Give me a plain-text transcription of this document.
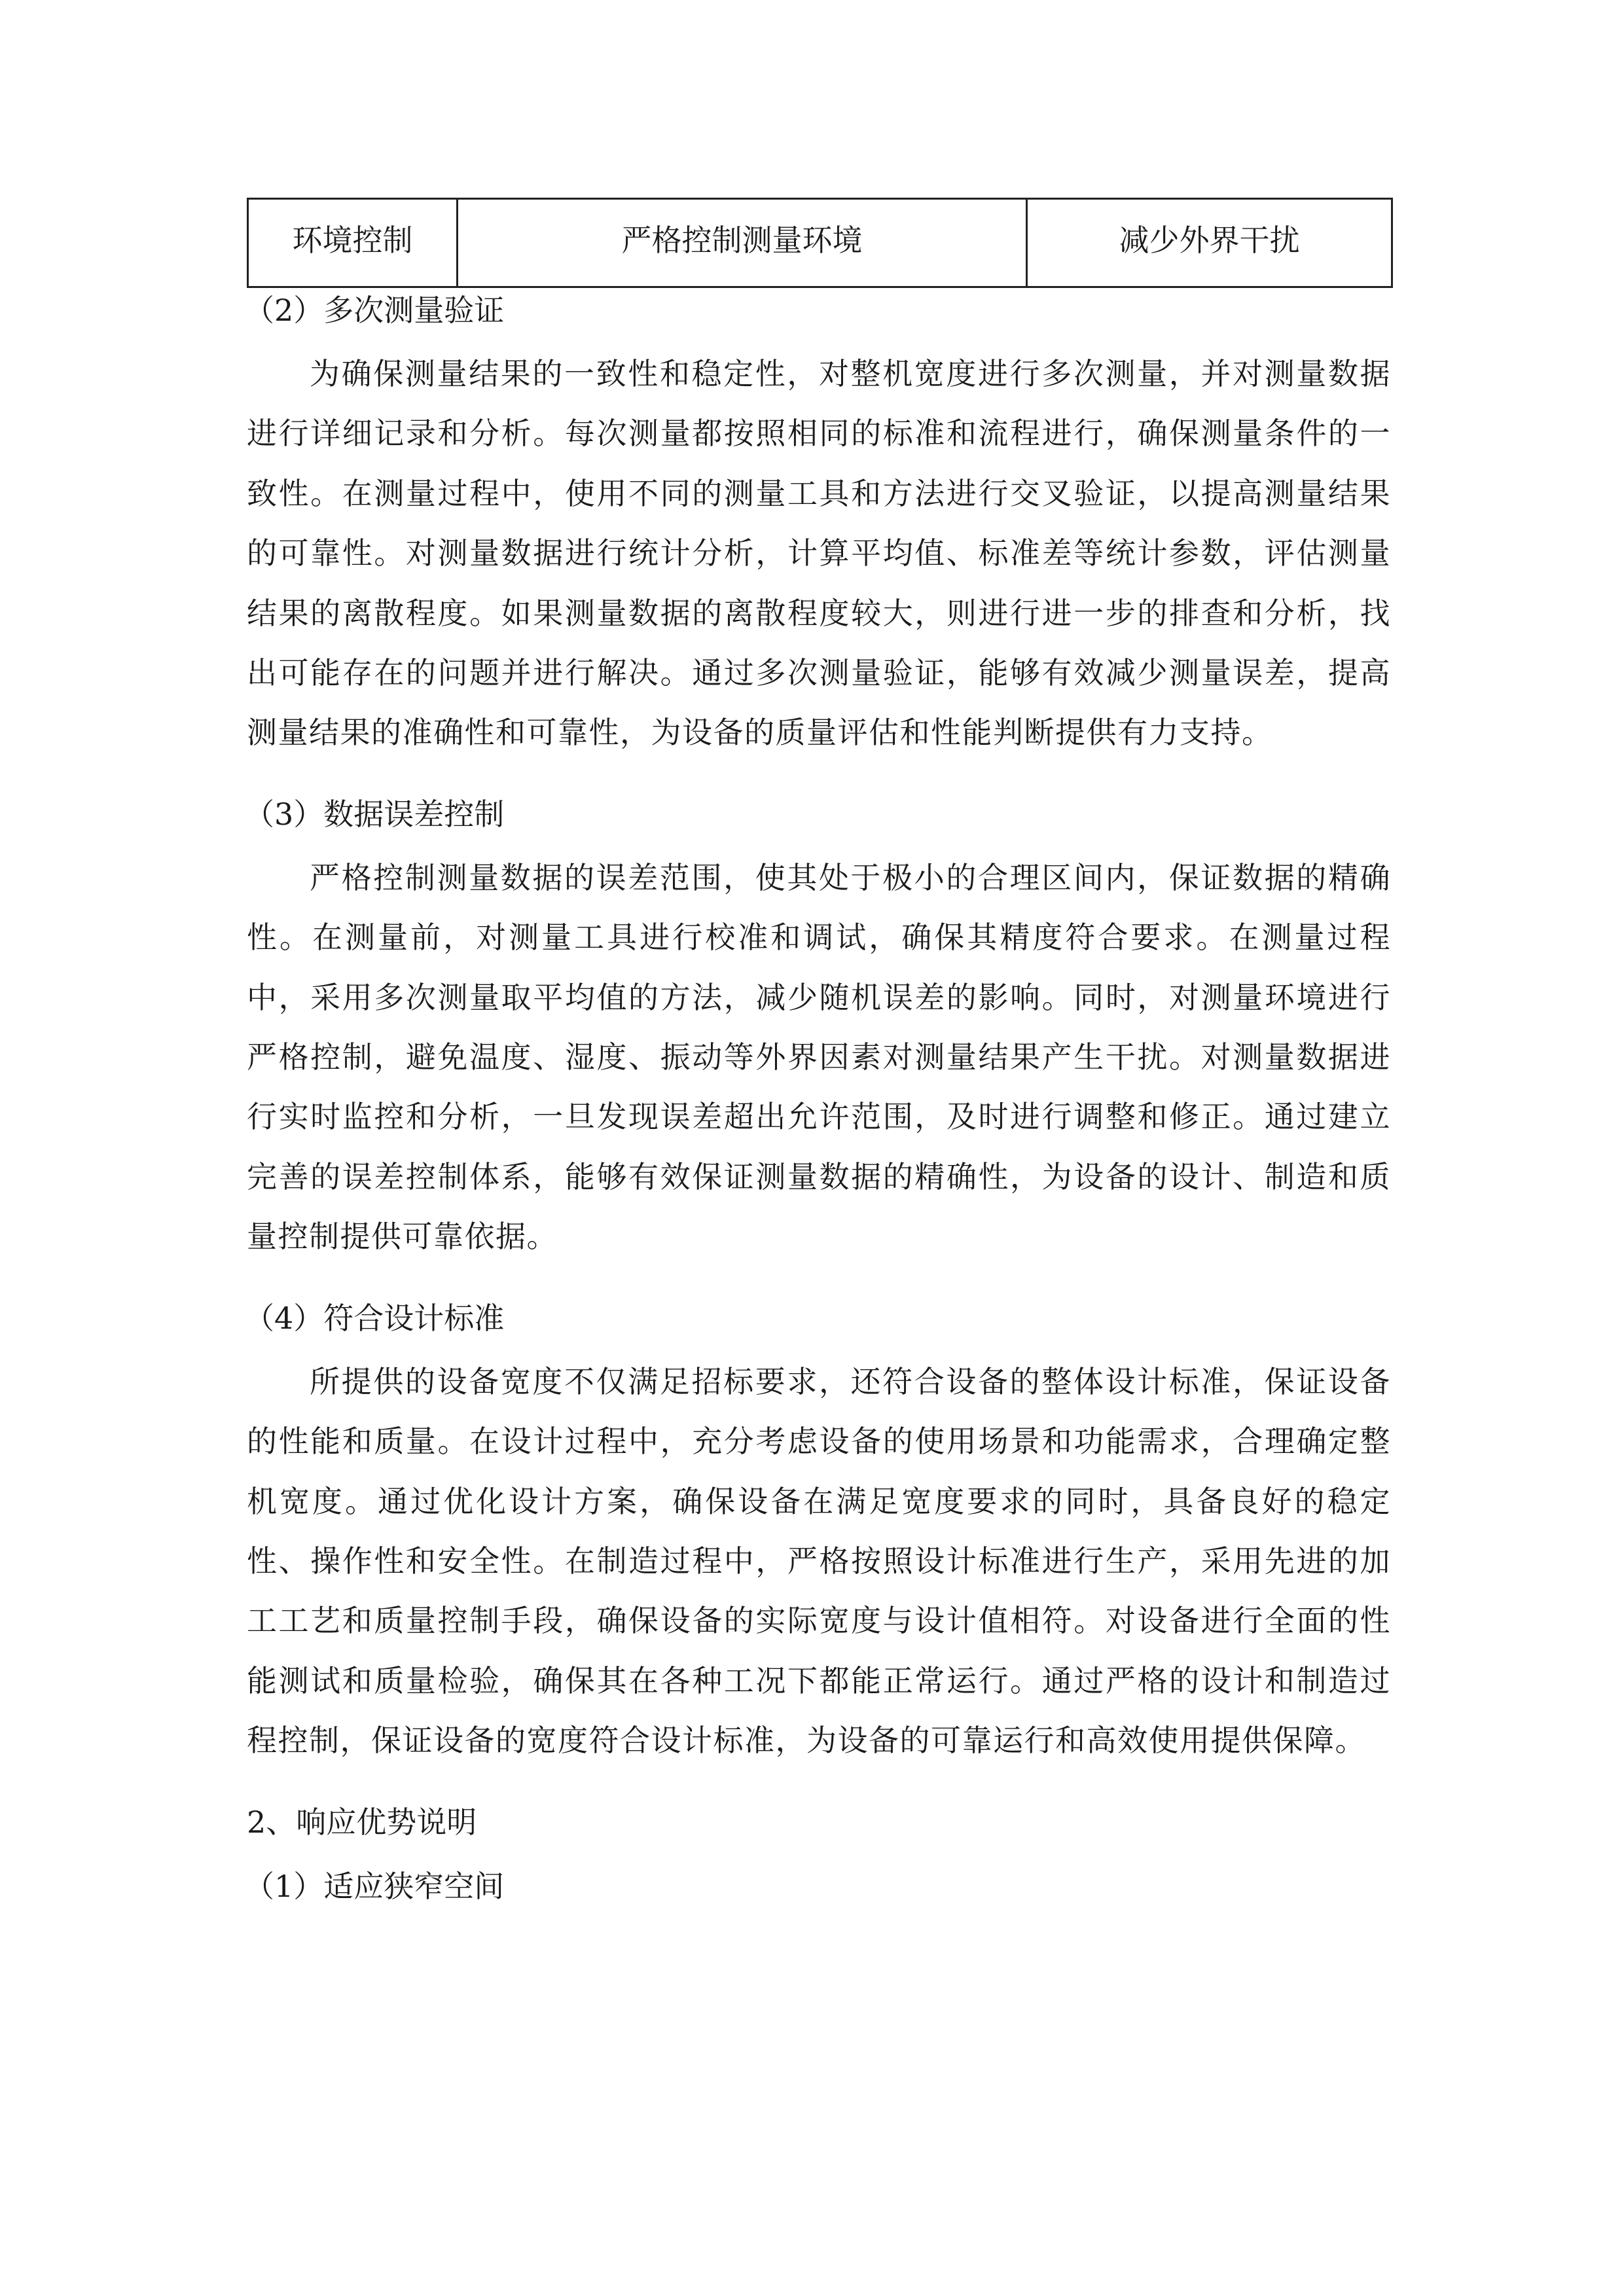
环境控制	严格控制测量环境	减少外界干扰

（2）多次测量验证

为确保测量结果的一致性和稳定性，对整机宽度进行多次测量，并对测量数据进行详细记录和分析。每次测量都按照相同的标准和流程进行，确保测量条件的一致性。在测量过程中，使用不同的测量工具和方法进行交叉验证，以提高测量结果的可靠性。对测量数据进行统计分析，计算平均值、标准差等统计参数，评估测量结果的离散程度。如果测量数据的离散程度较大，则进行进一步的排查和分析，找出可能存在的问题并进行解决。通过多次测量验证，能够有效减少测量误差，提高测量结果的准确性和可靠性，为设备的质量评估和性能判断提供有力支持。

（3）数据误差控制

严格控制测量数据的误差范围，使其处于极小的合理区间内，保证数据的精确性。在测量前，对测量工具进行校准和调试，确保其精度符合要求。在测量过程中，采用多次测量取平均值的方法，减少随机误差的影响。同时，对测量环境进行严格控制，避免温度、湿度、振动等外界因素对测量结果产生干扰。对测量数据进行实时监控和分析，一旦发现误差超出允许范围，及时进行调整和修正。通过建立完善的误差控制体系，能够有效保证测量数据的精确性，为设备的设计、制造和质量控制提供可靠依据。

（4）符合设计标准

所提供的设备宽度不仅满足招标要求，还符合设备的整体设计标准，保证设备的性能和质量。在设计过程中，充分考虑设备的使用场景和功能需求，合理确定整机宽度。通过优化设计方案，确保设备在满足宽度要求的同时，具备良好的稳定性、操作性和安全性。在制造过程中，严格按照设计标准进行生产，采用先进的加工工艺和质量控制手段，确保设备的实际宽度与设计值相符。对设备进行全面的性能测试和质量检验，确保其在各种工况下都能正常运行。通过严格的设计和制造过程控制，保证设备的宽度符合设计标准，为设备的可靠运行和高效使用提供保障。

2、响应优势说明

（1）适应狭窄空间
